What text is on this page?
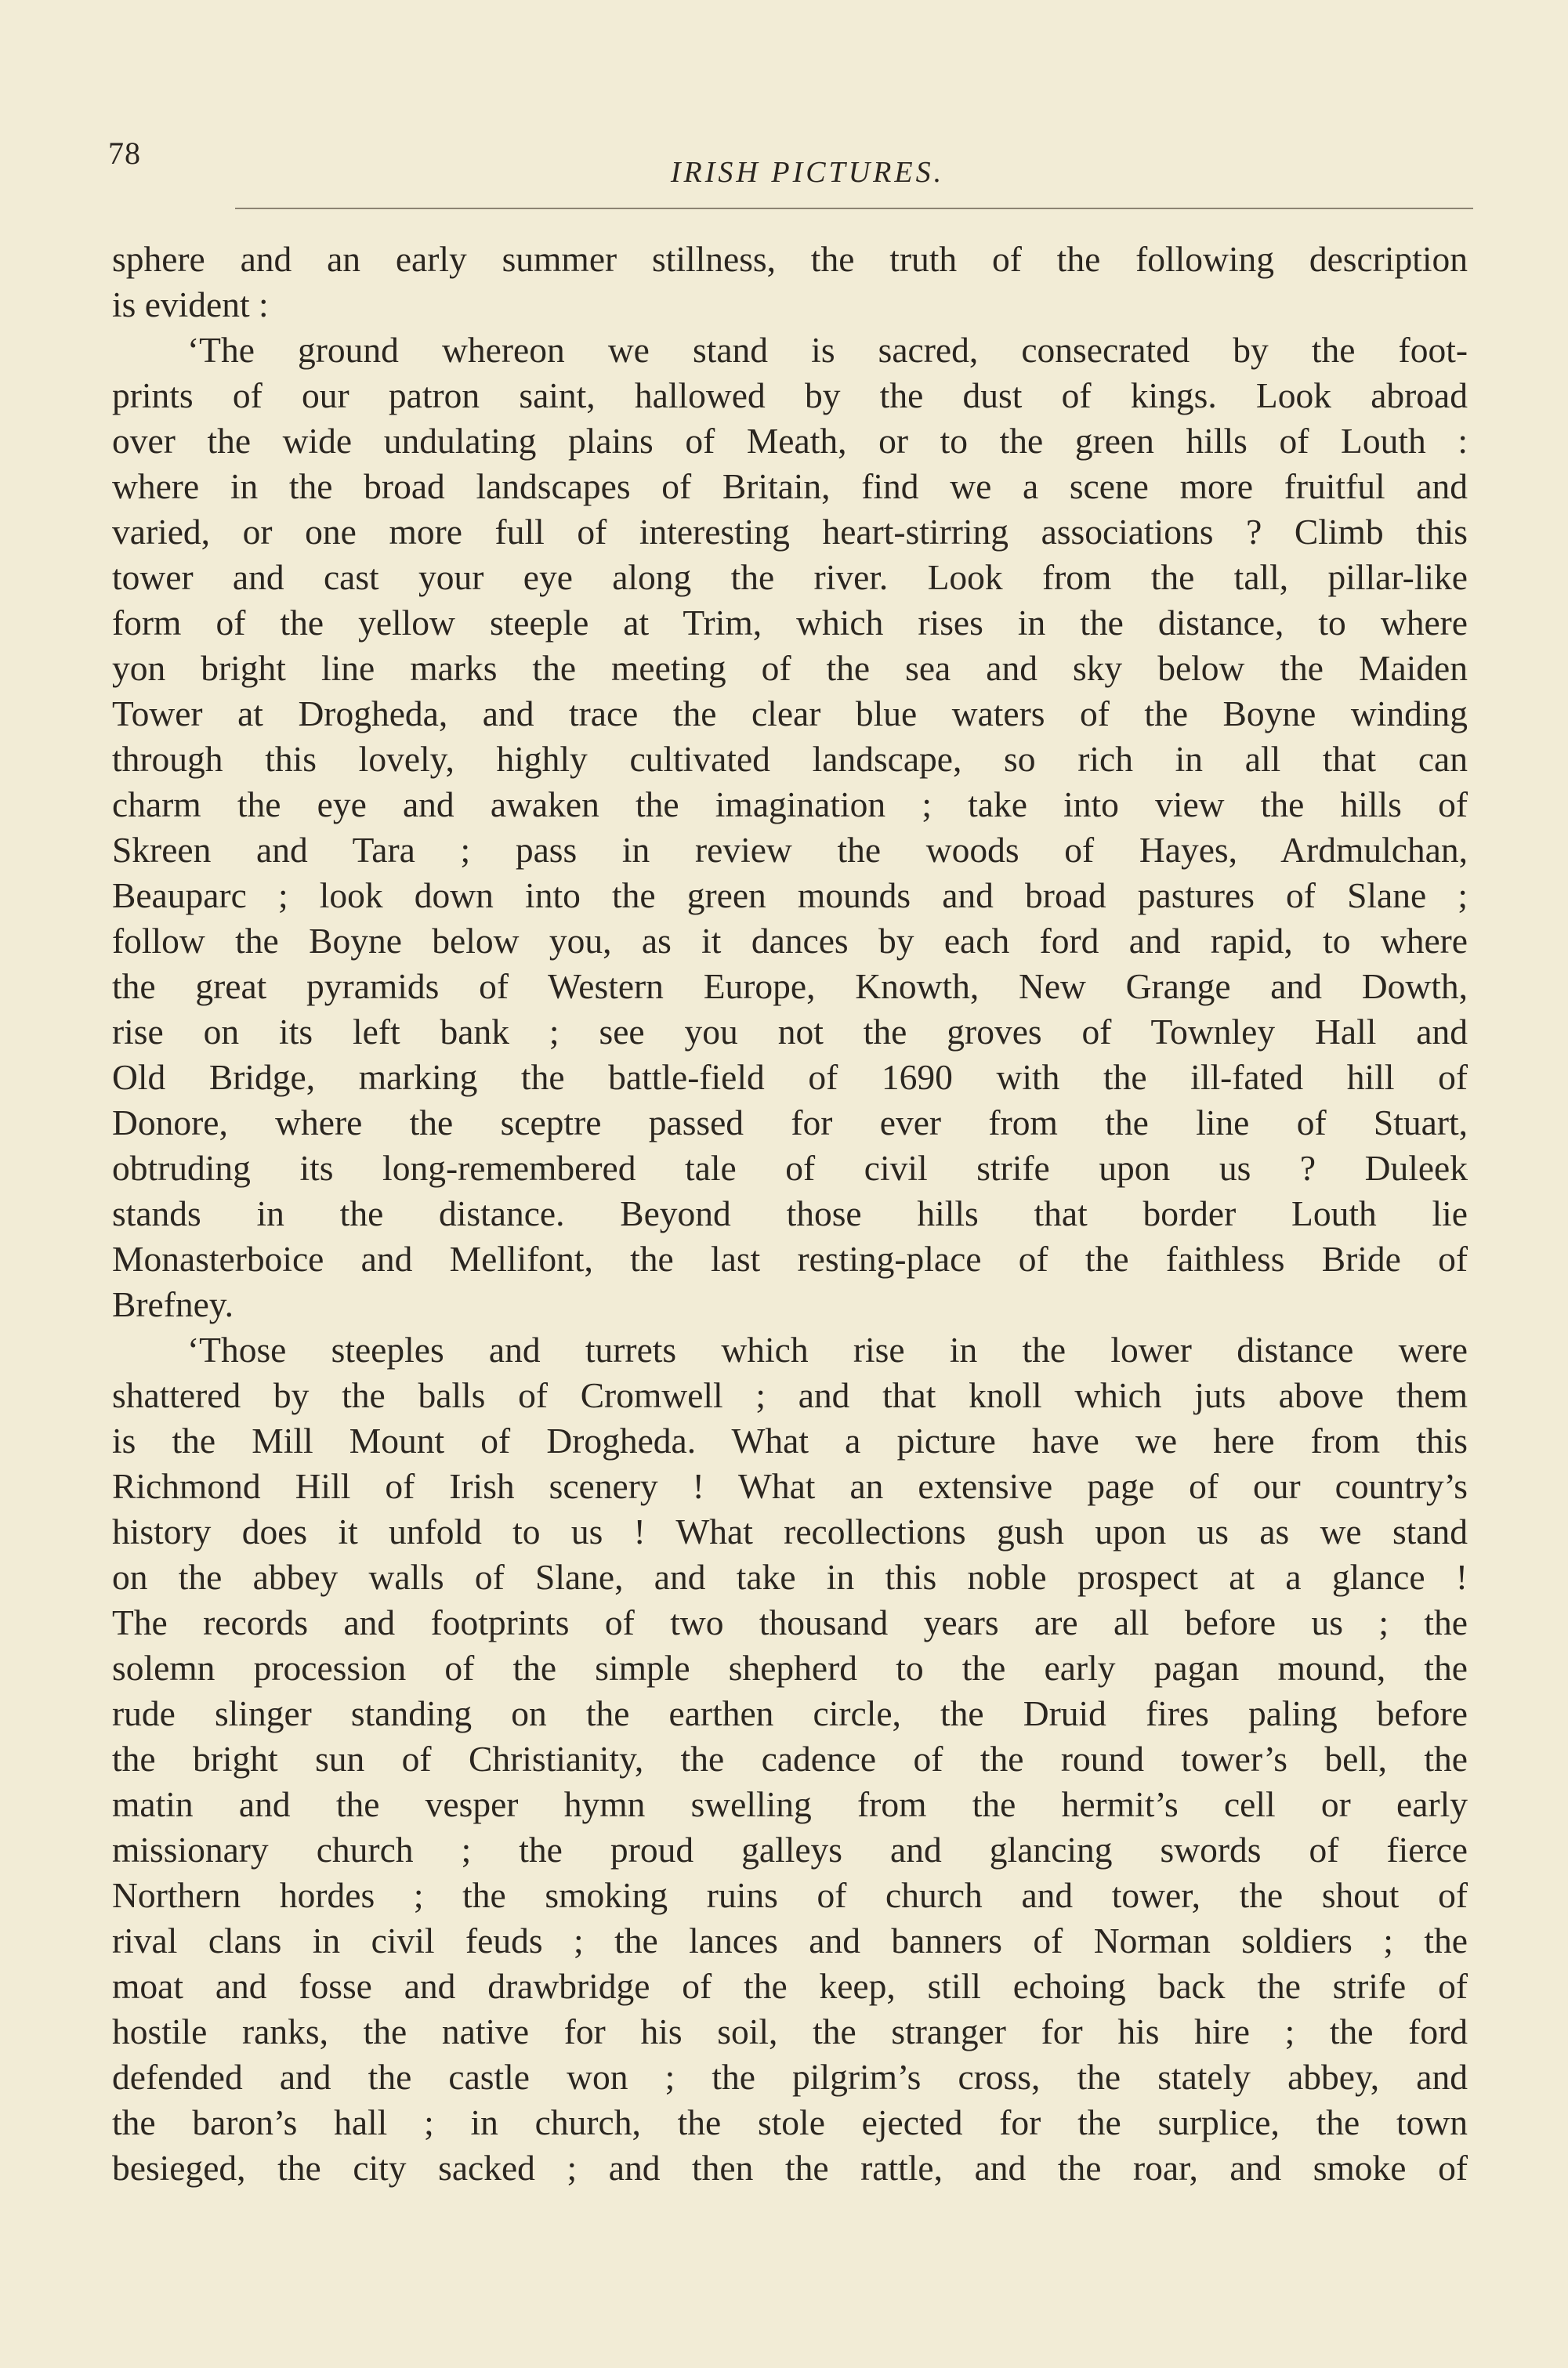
78
IRISH PICTURES.
sphere and an early summer stillness, the truth of the following description
is evident :
‘The ground whereon we stand is sacred, consecrated by the foot-
prints of our patron saint, hallowed by the dust of kings. Look abroad
over the wide undulating plains of Meath, or to the green hills of Louth :
where in the broad landscapes of Britain, find we a scene more fruitful and
varied, or one more full of interesting heart-stirring associations ? Climb this
tower and cast your eye along the river. Look from the tall, pillar-like
form of the yellow steeple at Trim, which rises in the distance, to where
yon bright line marks the meeting of the sea and sky below the Maiden
Tower at Drogheda, and trace the clear blue waters of the Boyne winding
through this lovely, highly cultivated landscape, so rich in all that can
charm the eye and awaken the imagination ; take into view the hills of
Skreen and Tara ; pass in review the woods of Hayes, Ardmulchan,
Beauparc ; look down into the green mounds and broad pastures of Slane ;
follow the Boyne below you, as it dances by each ford and rapid, to where
the great pyramids of Western Europe, Knowth, New Grange and Dowth,
rise on its left bank ; see you not the groves of Townley Hall and
Old Bridge, marking the battle-field of 1690 with the ill-fated hill of
Donore, where the sceptre passed for ever from the line of Stuart,
obtruding its long-remembered tale of civil strife upon us ? Duleek
stands in the distance. Beyond those hills that border Louth lie
Monasterboice and Mellifont, the last resting-place of the faithless Bride of
Brefney.
‘Those steeples and turrets which rise in the lower distance were
shattered by the balls of Cromwell ; and that knoll which juts above them
is the Mill Mount of Drogheda. What a picture have we here from this
Richmond Hill of Irish scenery ! What an extensive page of our country’s
history does it unfold to us ! What recollections gush upon us as we stand
on the abbey walls of Slane, and take in this noble prospect at a glance !
The records and footprints of two thousand years are all before us ; the
solemn procession of the simple shepherd to the early pagan mound, the
rude slinger standing on the earthen circle, the Druid fires paling before
the bright sun of Christianity, the cadence of the round tower’s bell, the
matin and the vesper hymn swelling from the hermit’s cell or early
missionary church ; the proud galleys and glancing swords of fierce
Northern hordes ; the smoking ruins of church and tower, the shout of
rival clans in civil feuds ; the lances and banners of Norman soldiers ; the
moat and fosse and drawbridge of the keep, still echoing back the strife of
hostile ranks, the native for his soil, the stranger for his hire ; the ford
defended and the castle won ; the pilgrim’s cross, the stately abbey, and
the baron’s hall ; in church, the stole ejected for the surplice, the town
besieged, the city sacked ; and then the rattle, and the roar, and smoke of
